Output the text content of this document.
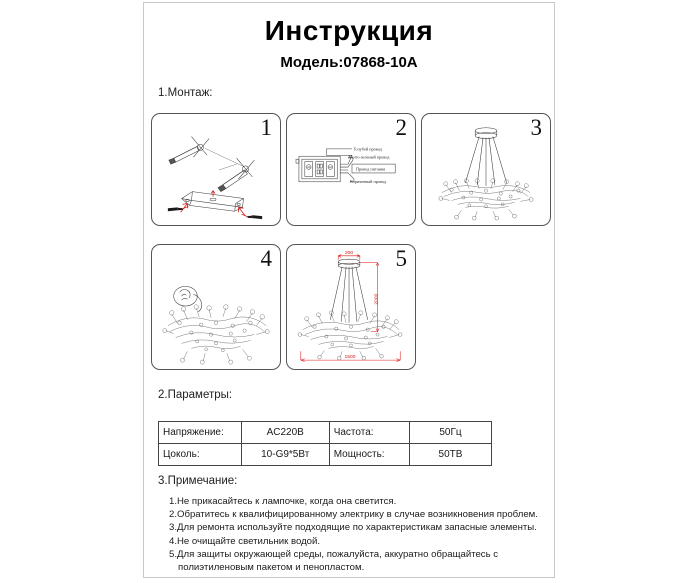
Инструкция
Модель:07868-10A
1.Монтаж:
1	2
Голубой провод
Желто-зеленый провод
Провод питания
Коричневый провод
3
4	5
200
2000
1500
2.Параметры:
Напряжение:	AC220B	Частота:	50Гц
Цоколь:	10-G9*5Вт	Мощность:	50ТВ
3.Примечание:
1.Не прикасайтесь к лампочке, когда она светится.
2.Обратитесь к квалифицированному электрику в случае возникновения проблем.
3.Для ремонта используйте подходящие по характеристикам запасные элементы.
4.Не очищайте светильник водой.
5.Для защиты окружающей среды, пожалуйста, аккуратно обращайтесь с
полиэтиленовым пакетом и пенопластом.
